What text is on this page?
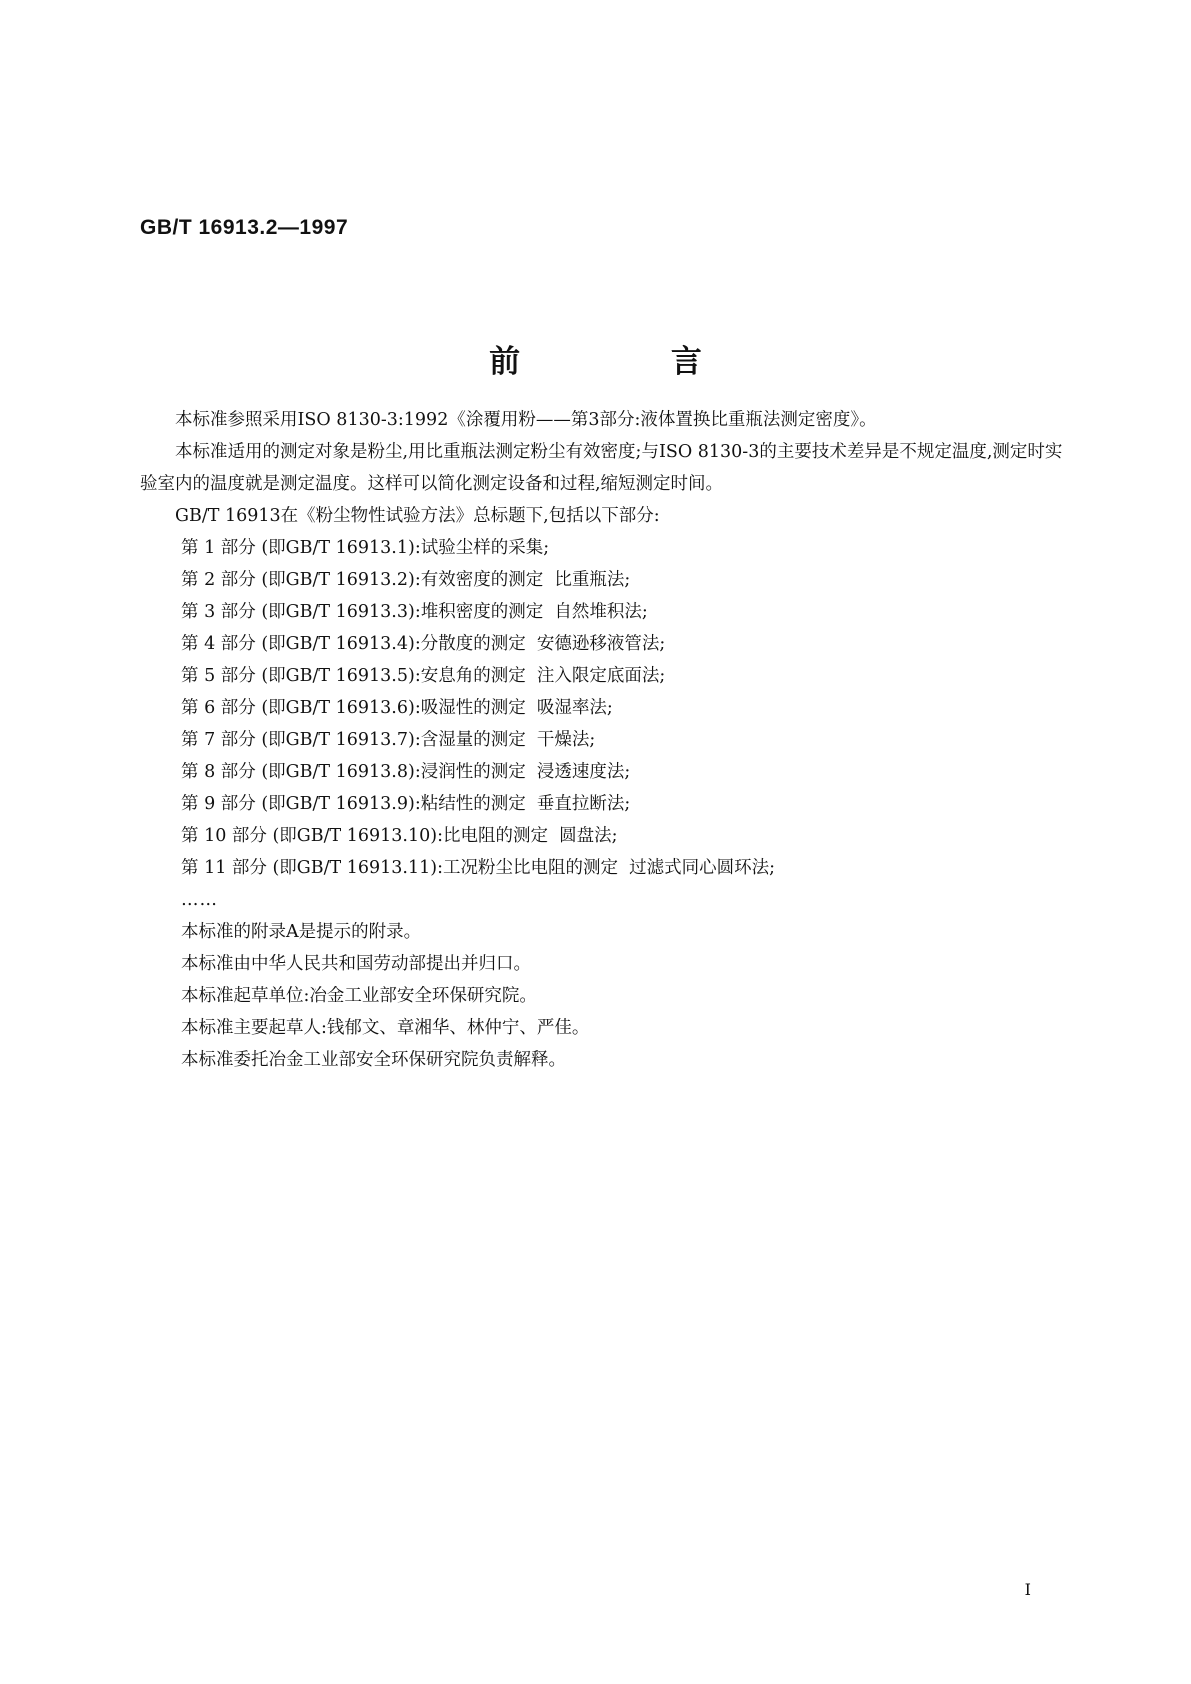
GB/T 16913.2—1997
前 言

本标准参照采用ISO 8130-3:1992《涂覆用粉——第3部分:液体置换比重瓶法测定密度》。

本标准适用的测定对象是粉尘,用比重瓶法测定粉尘有效密度;与ISO 8130-3的主要技术差异是不规定温度,测定时实验室内的温度就是测定温度。这样可以简化测定设备和过程,缩短测定时间。

GB/T 16913在《粉尘物性试验方法》总标题下,包括以下部分:

第 1 部分 (即GB/T 16913.1):试验尘样的采集;

第 2 部分 (即GB/T 16913.2):有效密度的测定  比重瓶法;

第 3 部分 (即GB/T 16913.3):堆积密度的测定  自然堆积法;

第 4 部分 (即GB/T 16913.4):分散度的测定  安德逊移液管法;

第 5 部分 (即GB/T 16913.5):安息角的测定  注入限定底面法;

第 6 部分 (即GB/T 16913.6):吸湿性的测定  吸湿率法;

第 7 部分 (即GB/T 16913.7):含湿量的测定  干燥法;

第 8 部分 (即GB/T 16913.8):浸润性的测定  浸透速度法;

第 9 部分 (即GB/T 16913.9):粘结性的测定  垂直拉断法;

第 10 部分 (即GB/T 16913.10):比电阻的测定  圆盘法;

第 11 部分 (即GB/T 16913.11):工况粉尘比电阻的测定  过滤式同心圆环法;

……

本标准的附录A是提示的附录。

本标准由中华人民共和国劳动部提出并归口。

本标准起草单位:冶金工业部安全环保研究院。

本标准主要起草人:钱郁文、章湘华、林仲宁、严佳。

本标准委托冶金工业部安全环保研究院负责解释。

I
